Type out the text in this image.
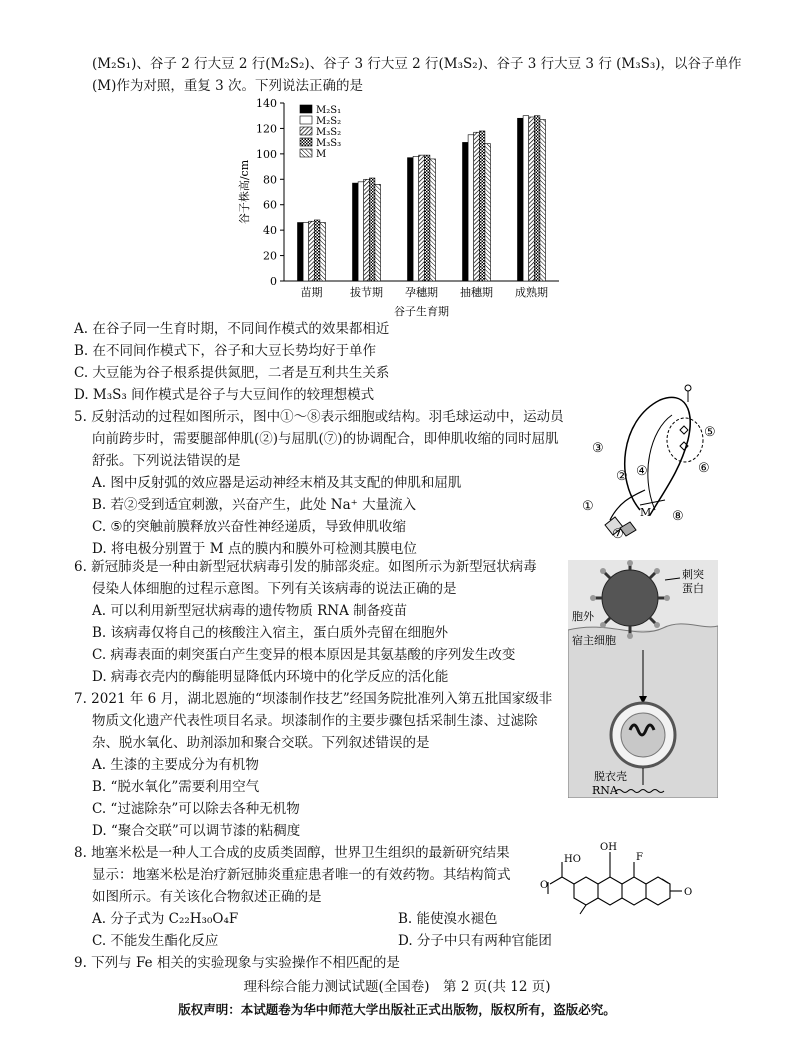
(M₂S₁)、谷子 2 行大豆 2 行(M₂S₂)、谷子 3 行大豆 2 行(M₃S₂)、谷子 3 行大豆 3 行 (M₃S₃)，以谷子单作
(M)作为对照，重复 3 次。下列说法正确的是
0
20
40
60
80
100
120
140
谷子株高/cm
谷子生育期
苗期	拔节期 孕穗期 抽穗期 成熟期
M₂S₁
M₂S₂
M₃S₂
M₃S₃
M
A. 在谷子同一生育时期，不同间作模式的效果都相近
B. 在不同间作模式下，谷子和大豆长势均好于单作
C. 大豆能为谷子根系提供氮肥，二者是互利共生关系
D. M₃S₃ 间作模式是谷子与大豆间作的较理想模式
5. 反射活动的过程如图所示，图中①～⑧表示细胞或结构。羽毛球运动中，运动员
向前跨步时，需要腿部伸肌(②)与屈肌(⑦)的协调配合，即伸肌收缩的同时屈肌
舒张。下列说法错误的是
A. 图中反射弧的效应器是运动神经末梢及其支配的伸肌和屈肌
B. 若②受到适宜刺激，兴奋产生，此处 Na⁺ 大量流入
C. ⑤的突触前膜释放兴奋性神经递质，导致伸肌收缩
D. 将电极分别置于 M 点的膜内和膜外可检测其膜电位
③
② ④
①
⑤
⑥
⑧
⑦
M
6. 新冠肺炎是一种由新型冠状病毒引发的肺部炎症。如图所示为新型冠状病毒
侵染人体细胞的过程示意图。下列有关该病毒的说法正确的是
A. 可以利用新型冠状病毒的遗传物质 RNA 制备疫苗
B. 该病毒仅将自己的核酸注入宿主，蛋白质外壳留在细胞外
C. 病毒表面的刺突蛋白产生变异的根本原因是其氨基酸的序列发生改变
D. 病毒衣壳内的酶能明显降低内环境中的化学反应的活化能
刺突
蛋白
胞外
宿主细胞
脱衣壳
RNA
7. 2021 年 6 月，湖北恩施的“坝漆制作技艺”经国务院批准列入第五批国家级非
物质文化遗产代表性项目名录。坝漆制作的主要步骤包括采制生漆、过滤除
杂、脱水氧化、助剂添加和聚合交联。下列叙述错误的是
A. 生漆的主要成分为有机物
B. “脱水氧化”需要利用空气
C. “过滤除杂”可以除去各种无机物
D. “聚合交联”可以调节漆的粘稠度
8. 地塞米松是一种人工合成的皮质类固醇，世界卫生组织的最新研究结果
显示：地塞米松是治疗新冠肺炎重症患者唯一的有效药物。其结构简式
如图所示。有关该化合物叙述正确的是
A. 分子式为 C₂₂H₃₀O₄F	B. 能使溴水褪色
C. 不能发生酯化反应	D. 分子中只有两种官能团
OH
HO	F
O
O
9. 下列与 Fe 相关的实验现象与实验操作不相匹配的是
理科综合能力测试试题(全国卷)　第 2 页(共 12 页)
版权声明：本试题卷为华中师范大学出版社正式出版物，版权所有，盗版必究。
